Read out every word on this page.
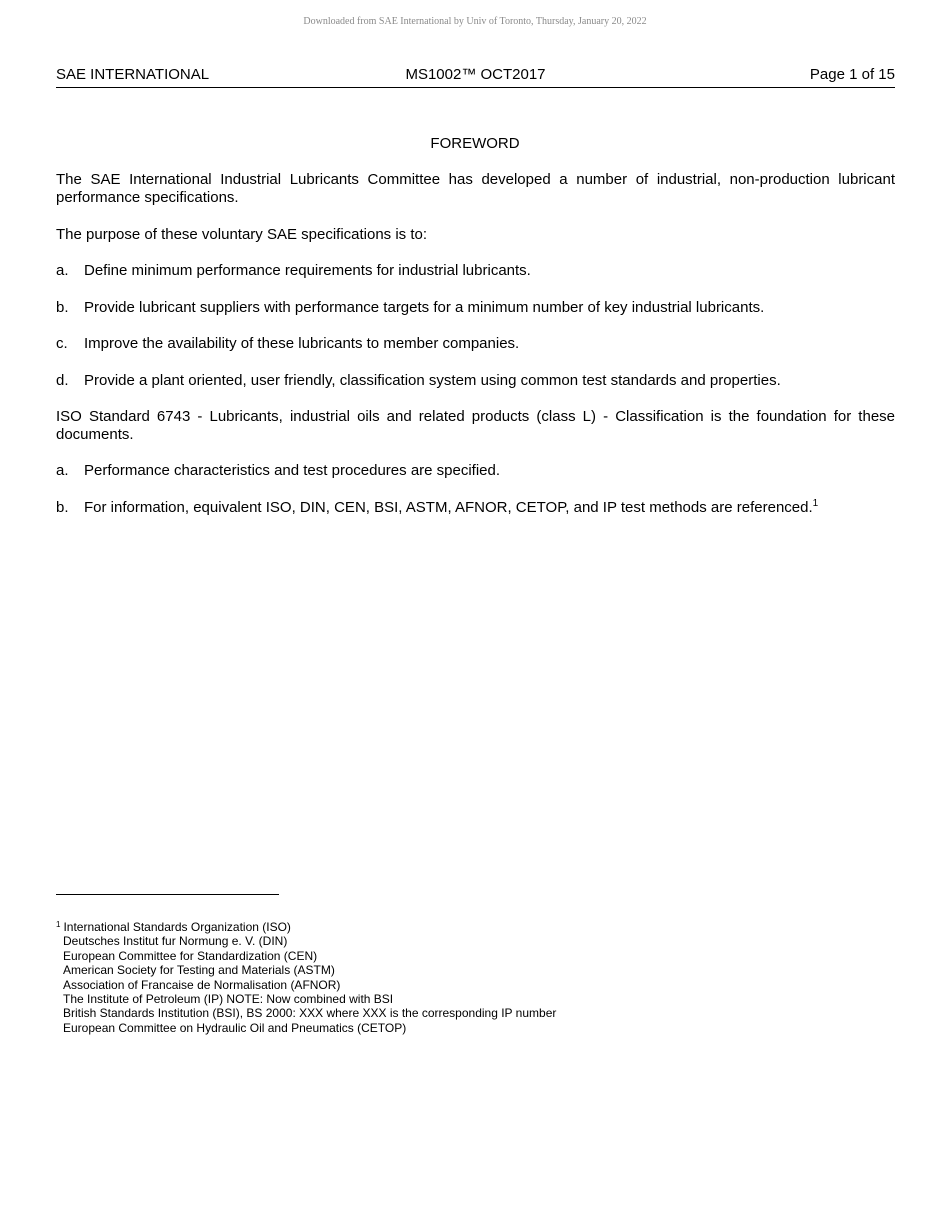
Downloaded from SAE International by Univ of Toronto, Thursday, January 20, 2022
SAE INTERNATIONAL	MS1002™ OCT2017	Page 1 of 15
FOREWORD
The SAE International Industrial Lubricants Committee has developed a number of industrial, non-production lubricant performance specifications.
The purpose of these voluntary SAE specifications is to:
a. Define minimum performance requirements for industrial lubricants.
b. Provide lubricant suppliers with performance targets for a minimum number of key industrial lubricants.
c. Improve the availability of these lubricants to member companies.
d. Provide a plant oriented, user friendly, classification system using common test standards and properties.
ISO Standard 6743 - Lubricants, industrial oils and related products (class L) - Classification is the foundation for these documents.
a. Performance characteristics and test procedures are specified.
b. For information, equivalent ISO, DIN, CEN, BSI, ASTM, AFNOR, CETOP, and IP test methods are referenced.$^1$
$^1$ International Standards Organization (ISO)
Deutsches Institut fur Normung e. V. (DIN)
European Committee for Standardization (CEN)
American Society for Testing and Materials (ASTM)
Association of Francaise de Normalisation (AFNOR)
The Institute of Petroleum (IP) NOTE: Now combined with BSI
British Standards Institution (BSI), BS 2000: XXX where XXX is the corresponding IP number
European Committee on Hydraulic Oil and Pneumatics (CETOP)
